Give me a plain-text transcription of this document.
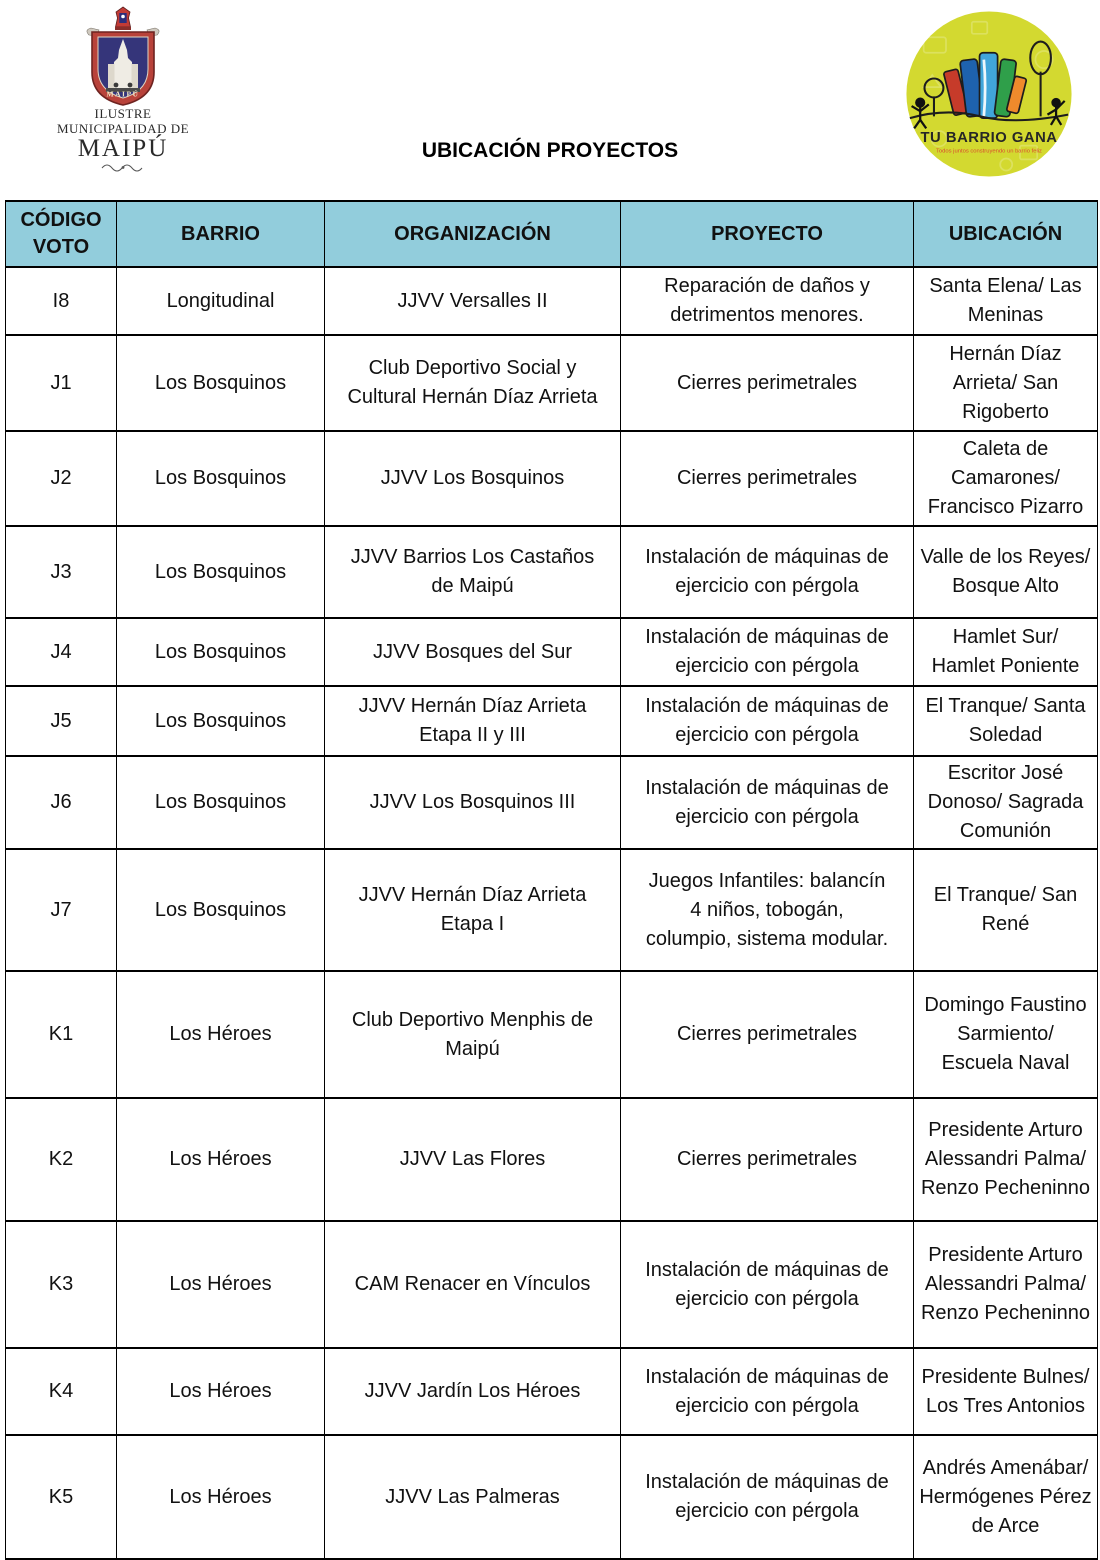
MAIPÚ
ILUSTRE
MUNICIPALIDAD DE
MAIPÚ	UBICACIÓN PROYECTOS
TU BARRIO GANA
Todos juntos construyendo un barrio feliz
CÓDIGO VOTO	BARRIO	ORGANIZACIÓN	PROYECTO	UBICACIÓN
I8	Longitudinal	JJVV Versalles II	Reparación de daños y detrimentos menores.	Santa Elena/ Las Meninas
J1	Los Bosquinos	Club Deportivo Social y Cultural Hernán Díaz Arrieta	Cierres perimetrales	Hernán Díaz Arrieta/ San Rigoberto
J2	Los Bosquinos	JJVV Los Bosquinos	Cierres perimetrales	Caleta de Camarones/ Francisco Pizarro
J3	Los Bosquinos	JJVV Barrios Los Castaños de Maipú	Instalación de máquinas de ejercicio con pérgola	Valle de los Reyes/ Bosque Alto
J4	Los Bosquinos	JJVV Bosques del Sur	Instalación de máquinas de ejercicio con pérgola	Hamlet Sur/ Hamlet Poniente
J5	Los Bosquinos	JJVV Hernán Díaz Arrieta Etapa II y III	Instalación de máquinas de ejercicio con pérgola	El Tranque/ Santa Soledad
J6	Los Bosquinos	JJVV Los Bosquinos III	Instalación de máquinas de ejercicio con pérgola	Escritor José Donoso/ Sagrada Comunión
J7	Los Bosquinos	JJVV Hernán Díaz Arrieta Etapa I	Juegos Infantiles: balancín 4 niños, tobogán, columpio, sistema modular.	El Tranque/ San René
K1	Los Héroes	Club Deportivo Menphis de Maipú	Cierres perimetrales	Domingo Faustino Sarmiento/ Escuela Naval
K2	Los Héroes	JJVV Las Flores	Cierres perimetrales	Presidente Arturo Alessandri Palma/ Renzo Pecheninno
K3	Los Héroes	CAM Renacer en Vínculos	Instalación de máquinas de ejercicio con pérgola	Presidente Arturo Alessandri Palma/ Renzo Pecheninno
K4	Los Héroes	JJVV Jardín Los Héroes	Instalación de máquinas de ejercicio con pérgola	Presidente Bulnes/ Los Tres Antonios
K5	Los Héroes	JJVV Las Palmeras	Instalación de máquinas de ejercicio con pérgola	Andrés Amenábar/ Hermógenes Pérez de Arce
